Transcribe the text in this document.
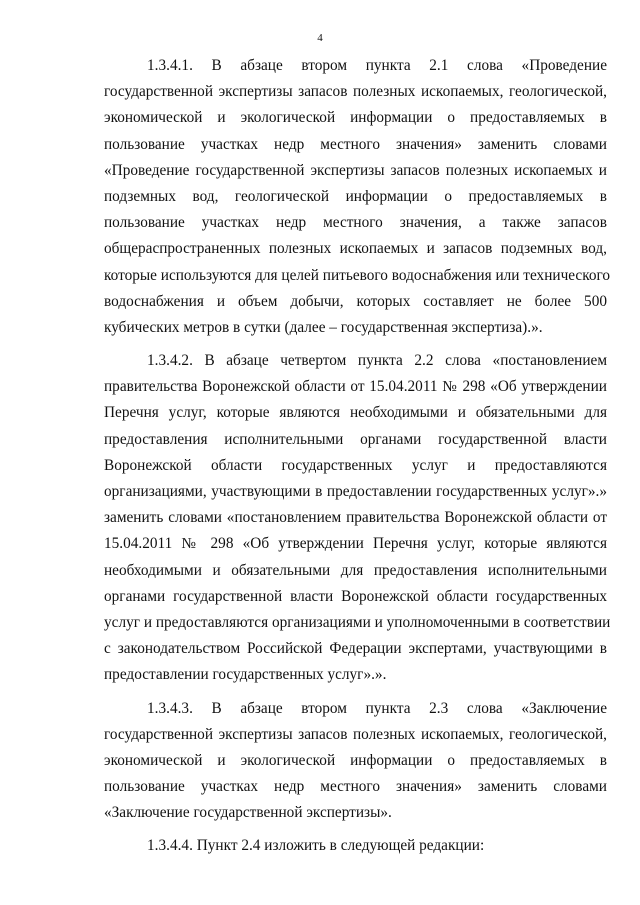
4

1.3.4.1. В абзаце втором пункта 2.1 слова «Проведение
государственной экспертизы запасов полезных ископаемых, геологической,
экономической и экологической информации о предоставляемых в
пользование участках недр местного значения» заменить словами
«Проведение государственной экспертизы запасов полезных ископаемых и
подземных вод, геологической информации о предоставляемых в
пользование участках недр местного значения, а также запасов
общераспространенных полезных ископаемых и запасов подземных вод,
которые используются для целей питьевого водоснабжения или технического
водоснабжения и объем добычи, которых составляет не более 500
кубических метров в сутки (далее – государственная экспертиза).».

1.3.4.2. В абзаце четвертом пункта 2.2 слова «постановлением
правительства Воронежской области от 15.04.2011 № 298 «Об утверждении
Перечня услуг, которые являются необходимыми и обязательными для
предоставления исполнительными органами государственной власти
Воронежской области государственных услуг и предоставляются
организациями, участвующими в предоставлении государственных услуг».»
заменить словами «постановлением правительства Воронежской области от
15.04.2011 № 298 «Об утверждении Перечня услуг, которые являются
необходимыми и обязательными для предоставления исполнительными
органами государственной власти Воронежской области государственных
услуг и предоставляются организациями и уполномоченными в соответствии
с законодательством Российской Федерации экспертами, участвующими в
предоставлении государственных услуг».».

1.3.4.3. В абзаце втором пункта 2.3 слова «Заключение
государственной экспертизы запасов полезных ископаемых, геологической,
экономической и экологической информации о предоставляемых в
пользование участках недр местного значения» заменить словами
«Заключение государственной экспертизы».

1.3.4.4. Пункт 2.4 изложить в следующей редакции:
